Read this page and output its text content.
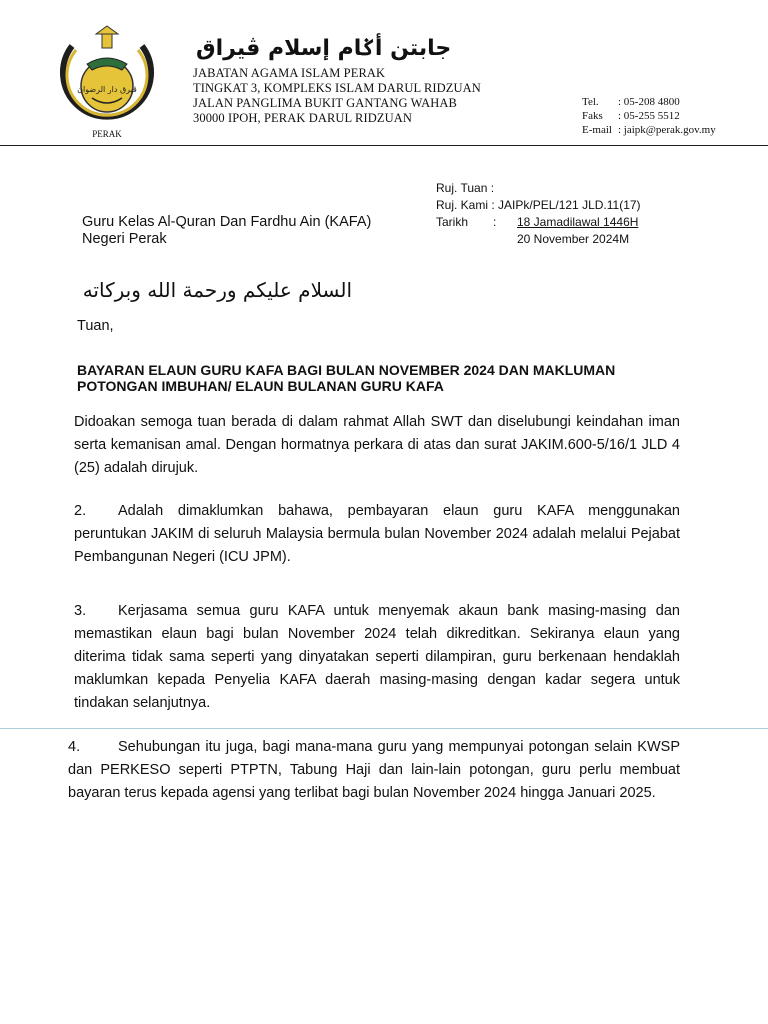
ڤيرق دار الرضوان
PERAK
جابتن أݢام إسلام ڤيراق
JABATAN AGAMA ISLAM PERAK
TINGKAT 3, KOMPLEKS ISLAM DARUL RIDZUAN
JALAN PANGLIMA BUKIT GANTANG WAHAB
30000 IPOH, PERAK DARUL RIDZUAN
Tel. : 05-208 4800
Faks : 05-255 5512
E-mail : jaipk@perak.gov.my
Ruj. Tuan :
Ruj. Kami : JAIPk/PEL/121 JLD.11(17)
Tarikh : 18 Jamadilawal 1446H
20 November 2024M
Guru Kelas Al-Quran Dan Fardhu Ain (KAFA)
Negeri Perak
السلام عليكم ورحمة الله وبركاته
Tuan,
BAYARAN ELAUN GURU KAFA BAGI BULAN NOVEMBER 2024 DAN MAKLUMAN POTONGAN IMBUHAN/ ELAUN BULANAN GURU KAFA
Didoakan semoga tuan berada di dalam rahmat Allah SWT dan diselubungi keindahan iman serta kemanisan amal. Dengan hormatnya perkara di atas dan surat JAKIM.600-5/16/1 JLD 4 (25) adalah dirujuk.
2. Adalah dimaklumkan bahawa, pembayaran elaun guru KAFA menggunakan peruntukan JAKIM di seluruh Malaysia bermula bulan November 2024 adalah melalui Pejabat Pembangunan Negeri (ICU JPM).
3. Kerjasama semua guru KAFA untuk menyemak akaun bank masing-masing dan memastikan elaun bagi bulan November 2024 telah dikreditkan. Sekiranya elaun yang diterima tidak sama seperti yang dinyatakan seperti dilampiran, guru berkenaan hendaklah maklumkan kepada Penyelia KAFA daerah masing-masing dengan kadar segera untuk tindakan selanjutnya.
4.	Sehubungan itu juga, bagi mana-mana guru yang mempunyai potongan selain KWSP dan PERKESO seperti PTPTN, Tabung Haji dan lain-lain potongan, guru perlu membuat bayaran terus kepada agensi yang terlibat bagi bulan November 2024 hingga Januari 2025.
